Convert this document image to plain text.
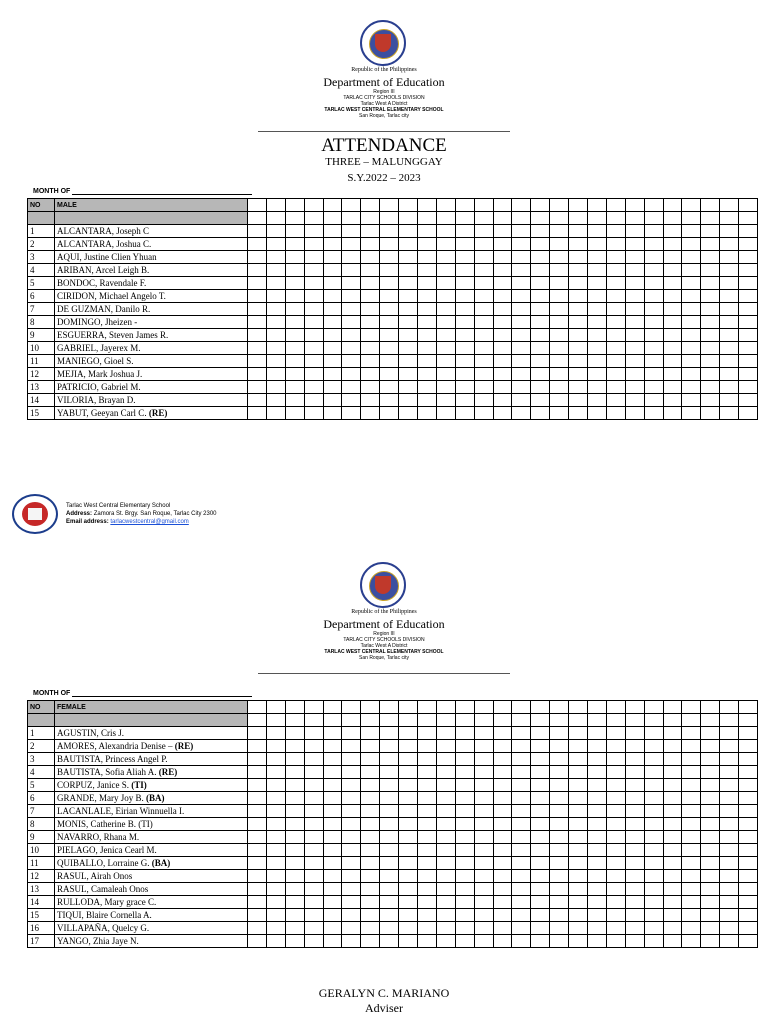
Republic of the Philippines
Department of Education
Region III
TARLAC CITY SCHOOLS DIVISION
Tarlac West A District
TARLAC WEST CENTRAL ELEMENTARY SCHOOL
San Roque, Tarlac city
ATTENDANCE
THREE – MALUNGGAY
S.Y.2022 – 2023
MONTH OF
NO	MALE																											

1	ALCANTARA, Joseph C																											
2	ALCANTARA, Joshua C.																											
3	AQUI, Justine Clien Yhuan																											
4	ARIBAN, Arcel Leigh B.																											
5	BONDOC, Ravendale F.																											
6	CIRIDON, Michael Angelo T.																											
7	DE GUZMAN, Danilo R.																											
8	DOMINGO, Jheizen -																											
9	ESGUERRA, Steven James R.																											
10	GABRIEL, Jayerex M.																											
11	MANIEGO, Gioel S.																											
12	MEJIA, Mark Joshua J.																											
13	PATRICIO, Gabriel M.																											
14	VILORIA, Brayan D.																											
15	YABUT, Geeyan Carl C. (RE)																											
Tarlac West Central Elementary School
Address: Zamora St. Brgy. San Roque, Tarlac City 2300
Email address: tarlacwestcentral@gmail.com
Republic of the Philippines
Department of Education
Region III
TARLAC CITY SCHOOLS DIVISION
Tarlac West A District
TARLAC WEST CENTRAL ELEMENTARY SCHOOL
San Roque, Tarlac city
MONTH OF
NO	FEMALE																											

1	AGUSTIN, Cris J.																											
2	AMORES, Alexandria Denise – (RE)																											
3	BAUTISTA, Princess Angel P.																											
4	BAUTISTA, Sofia Aliah A. (RE)																											
5	CORPUZ, Janice S. (TI)																											
6	GRANDE, Mary Joy B. (BA)																											
7	LACANLALE, Eirian Winnuella I.																											
8	MONIS, Catherine B. (TI)																											
9	NAVARRO, Rhana M.																											
10	PIELAGO, Jenica Cearl M.																											
11	QUIBALLO, Lorraine G. (BA)																											
12	RASUL, Airah Onos																											
13	RASUL, Camaleah Onos																											
14	RULLODA, Mary grace C.																											
15	TIQUI, Blaire Cornella A.																											
16	VILLAPAÑA, Quelcy G.																											
17	YANGO, Zhia Jaye N.																											
GERALYN C. MARIANO
Adviser
